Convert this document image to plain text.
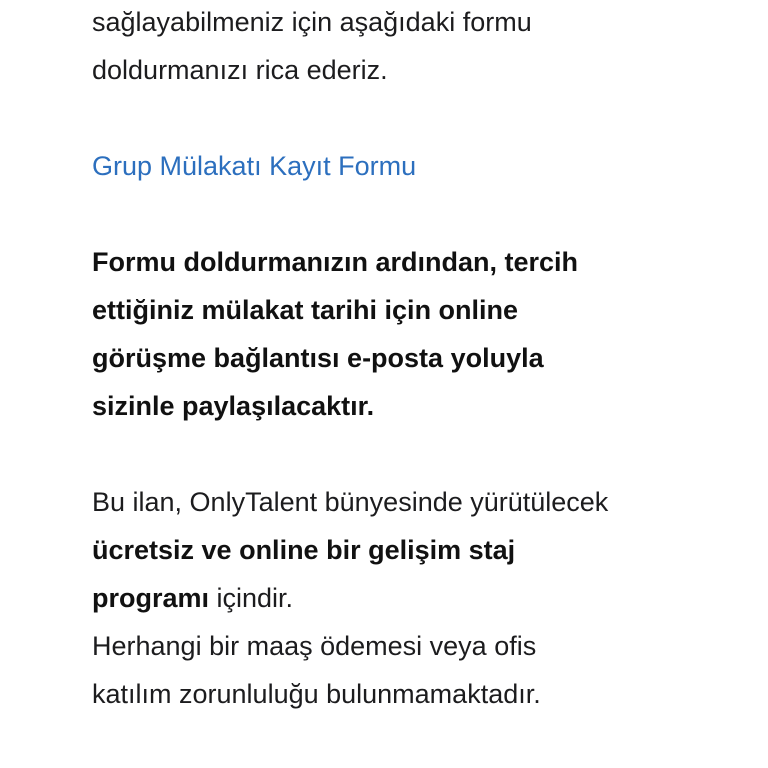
sağlayabilmeniz için aşağıdaki formu
doldurmanızı rica ederiz.
Grup Mülakatı Kayıt Formu
Formu doldurmanızın ardından, tercih
ettiğiniz mülakat tarihi için online
görüşme bağlantısı e-posta yoluyla
sizinle paylaşılacaktır.
Bu ilan, OnlyTalent bünyesinde yürütülecek
ücretsiz ve online bir gelişim staj
programı içindir.
Herhangi bir maaş ödemesi veya ofis
katılım zorunluluğu bulunmamaktadır.
